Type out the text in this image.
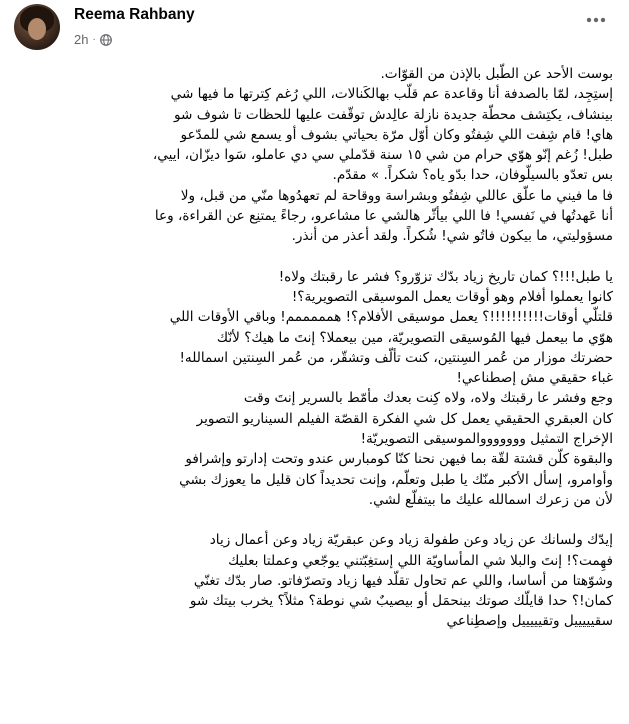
Reema Rahbany
2h ·
بوست الأحد عن الطّبل بالإذن من القوّات.
إستِجِد، لمّا بالصدفة أنا وقاعدة عم قلّب بهالكَنالات، اللي رُغم كِترتها ما فيها شي
بينشاف، يكتِشف محطّة جديدة نازلة عالِدش توقّفت عليها للحظات تا شوف شو
هاي! قام شِفت اللي شِفتُو وكان أوّل مرّة بحياتي بشوف أو يسمع شي للمدّعو
طبل! زُغم إنّو هوّي حرام من شي ١٥ سنة قدّملي سي دي عاملو، سَوا ديزّان، اييي،
بس تعدّو بالسيلّوفان، حدا بدّو ياه؟ شكراً. » مقدّم.
فا ما فيني ما علّق عاللي شِفتُو وبشراسة ووقاحة لم تعهدُوها منّي من قبل، ولا
أنا عَهدتُها في نَفسي! فا اللي بيأثّر هالشي عا مشاعرو، رجاءً يمتنِع عن القراءة، وعا
مسؤوليتي، ما بيكون فاتُو شي! شُكراً. ولقد أعذر من أنذر.
يا طبل!!!؟ كمان تاريخ زياد بدّك تزوّرو؟ فشر عا رقبتك ولاه!
كانوا يعملوا أفلام وهو أوقات يعمل الموسيقى التصويرية؟!
قلتلّي أوقات!!!!!!!!!!؟ يعمل موسيقى الأفلام؟! همممممم! وباقي الأوقات اللي
هوّي ما بيعمل فيها المُوسيقى التصويريّة، مين بيعملا؟ إنتَ ما هيك؟ لأنّك
حضرتك موزار من عُمر السِنتين، كنت تألّف وتشقّر، من عُمر السِنتين اسمالله!
غباء حقيقي مش إصطناعي!
وجع وفشر عا رقبتك ولاه، ولاه كِنت بعدك مأمّط بالسرير إنتَ وقت
كان العبقري الحقيقي يعمل كل شي الفكرة القصّة الفيلم السيناريو التصوير
الإخراج التمثيل وووووووالموسيقى التصويريّة!
والبقوة كلّن قشتة لقّة بما فيهن نحنا كنّا كومبارس عندو وتحت إدارتو وإشرافو
وأوامرو، إسأل الأكبر منّك يا طبل وتعلّم، وإنت تحديداً كان قليل ما يعوزك بشي
لأن من زعرك اسمالله عليك ما بيتفلّع لشي.
إيدّك ولسانك عن زياد وعن طفولة زياد وعن عبقريّة زياد وعن أعمال زياد
فهِمت؟! إنتَ والبلا شي المأساويّة اللي إستغِبّتني يوجّعي وعملتا بعليك
وشوّهتا من أساسا، واللي عم تحاول تقلّد فيها زياد وتصرّفاتو. صار بدّك تغنّي
كمان!؟ حدا قايلّك صوتك بينحمَل أو بيصيبٌ شي نوطة؟ مثلاً؟ يخرب بيتك شو
سقيييييل وتقيييييل وإصطِناعي
